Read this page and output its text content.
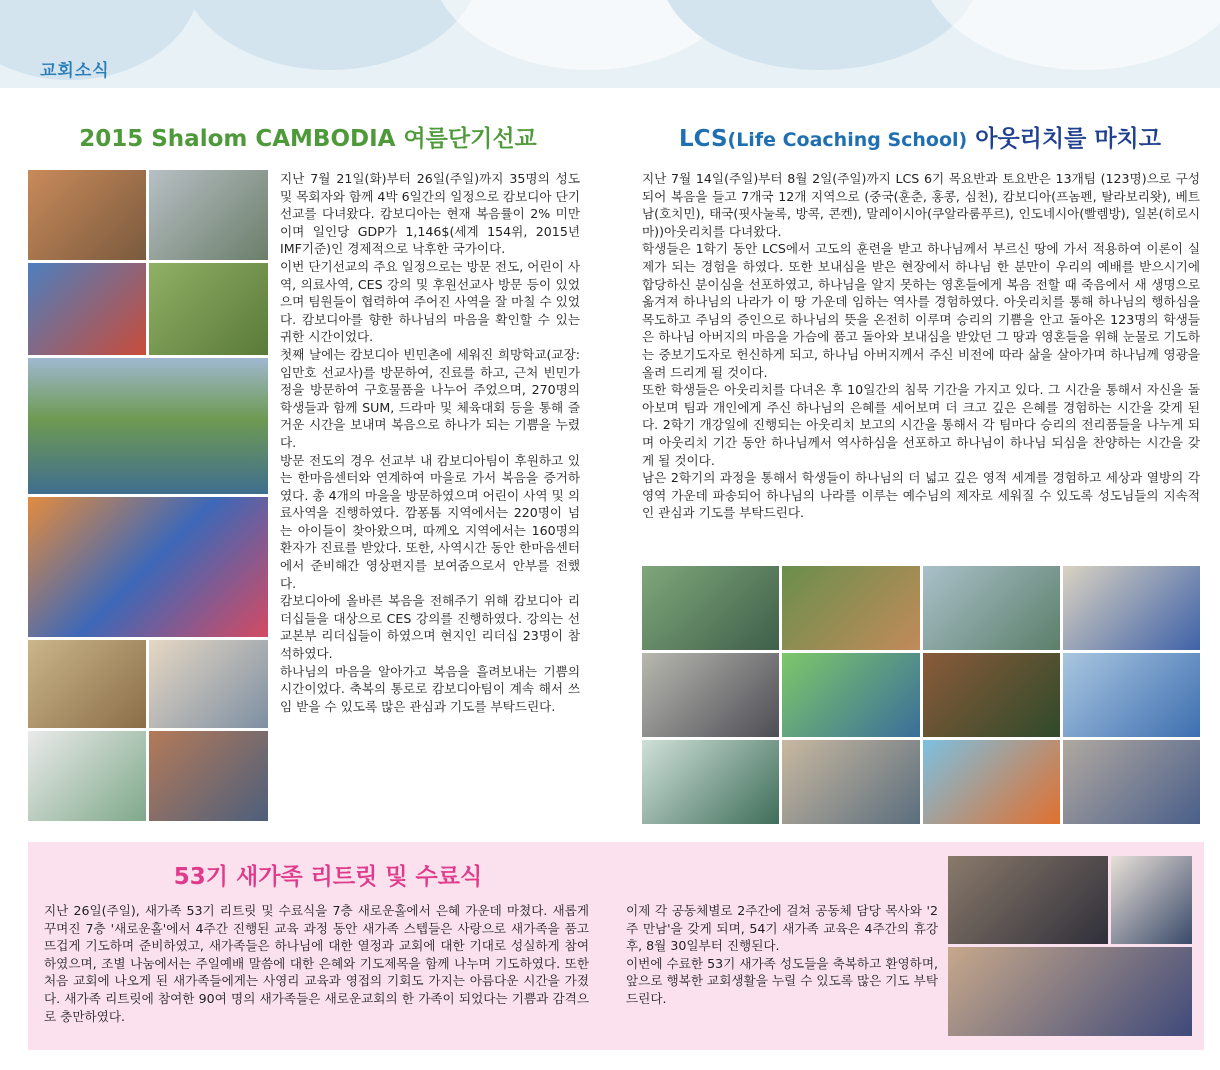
교회소식
2015 Shalom CAMBODIA 여름단기선교

지난 7월 21일(화)부터 26일(주일)까지 35명의 성도 및 목회자와 함께 4박 6일간의 일정으로 캄보디아 단기선교를 다녀왔다. 캄보디아는 현재 복음률이 2% 미만이며 일인당 GDP가 1,146$(세계 154위, 2015년 IMF기준)인 경제적으로 낙후한 국가이다.

이번 단기선교의 주요 일정으로는 방문 전도, 어린이 사역, 의료사역, CES 강의 및 후원선교사 방문 등이 있었으며 팀원들이 협력하여 주어진 사역을 잘 마칠 수 있었다. 캄보디아를 향한 하나님의 마음을 확인할 수 있는 귀한 시간이었다.

첫째 날에는 캄보디아 빈민촌에 세워진 희망학교(교장: 임만호 선교사)를 방문하여, 진료를 하고, 근처 빈민가정을 방문하여 구호물품을 나누어 주었으며, 270명의 학생들과 함께 SUM, 드라마 및 체육대회 등을 통해 즐거운 시간을 보내며 복음으로 하나가 되는 기쁨을 누렸다.

방문 전도의 경우 선교부 내 캄보디아팀이 후원하고 있는 한마음센터와 연계하여 마을로 가서 복음을 증거하였다. 총 4개의 마을을 방문하였으며 어린이 사역 및 의료사역을 진행하였다. 깜퐁톰 지역에서는 220명이 넘는 아이들이 찾아왔으며, 따께오 지역에서는 160명의 환자가 진료를 받았다. 또한, 사역시간 동안 한마음센터에서 준비해간 영상편지를 보여줌으로서 안부를 전했다.

캄보디아에 올바른 복음을 전해주기 위해 캄보디아 리더십들을 대상으로 CES 강의를 진행하였다. 강의는 선교본부 리더십들이 하였으며 현지인 리더십 23명이 참석하였다.

하나님의 마음을 알아가고 복음을 흘려보내는 기쁨의 시간이었다. 축복의 통로로 캄보디아팀이 계속 해서 쓰임 받을 수 있도록 많은 관심과 기도를 부탁드린다.

LCS(Life Coaching School) 아웃리치를 마치고

지난 7월 14일(주일)부터 8월 2일(주일)까지 LCS 6기 목요반과 토요반은 13개팀 (123명)으로 구성되어 복음을 들고 7개국 12개 지역으로 (중국(훈춘, 홍콩, 심천), 캄보디아(프놈펜, 탈라보리왓), 베트남(호치민), 태국(핏사눌록, 방콕, 콘켄), 말레이시아(쿠알라룸푸르), 인도네시아(빨렘방), 일본(히로시마))아웃리치를 다녀왔다.

학생들은 1학기 동안 LCS에서 고도의 훈련을 받고 하나님께서 부르신 땅에 가서 적용하여 이론이 실제가 되는 경험을 하였다. 또한 보내심을 받은 현장에서 하나님 한 분만이 우리의 예배를 받으시기에 합당하신 분이심을 선포하였고, 하나님을 알지 못하는 영혼들에게 복음 전할 때 죽음에서 새 생명으로 옮겨져 하나님의 나라가 이 땅 가운데 임하는 역사를 경험하였다. 아웃리치를 통해 하나님의 행하심을 목도하고 주님의 증인으로 하나님의 뜻을 온전히 이루며 승리의 기쁨을 안고 돌아온 123명의 학생들은 하나님 아버지의 마음을 가슴에 품고 돌아와 보내심을 받았던 그 땅과 영혼들을 위해 눈물로 기도하는 중보기도자로 헌신하게 되고, 하나님 아버지께서 주신 비전에 따라 삶을 살아가며 하나님께 영광을 올려 드리게 될 것이다.

또한 학생들은 아웃리치를 다녀온 후 10일간의 침묵 기간을 가지고 있다. 그 시간을 통해서 자신을 돌아보며 팀과 개인에게 주신 하나님의 은혜를 세어보며 더 크고 깊은 은혜를 경험하는 시간을 갖게 된다. 2학기 개강일에 진행되는 아웃리치 보고의 시간을 통해서 각 팀마다 승리의 전리품들을 나누게 되며 아웃리치 기간 동안 하나님께서 역사하심을 선포하고 하나님이 하나님 되심을 찬양하는 시간을 갖게 될 것이다.

남은 2학기의 과정을 통해서 학생들이 하나님의 더 넓고 깊은 영적 세계를 경험하고 세상과 열방의 각 영역 가운데 파송되어 하나님의 나라를 이루는 예수님의 제자로 세워질 수 있도록 성도님들의 지속적인 관심과 기도를 부탁드린다.

53기 새가족 리트릿 및 수료식

지난 26일(주일), 새가족 53기 리트릿 및 수료식을 7층 새로운홀에서 은혜 가운데 마쳤다. 새롭게 꾸며진 7층 '새로운홀'에서 4주간 진행된 교육 과정 동안 새가족 스텝들은 사랑으로 새가족을 품고 뜨겁게 기도하며 준비하였고, 새가족들은 하나님에 대한 열정과 교회에 대한 기대로 성실하게 참여하였으며, 조별 나눔에서는 주일예배 말씀에 대한 은혜와 기도제목을 함께 나누며 기도하였다. 또한 처음 교회에 나오게 된 새가족들에게는 사영리 교육과 영접의 기회도 가지는 아름다운 시간을 가졌다. 새가족 리트릿에 참여한 90여 명의 새가족들은 새로운교회의 한 가족이 되었다는 기쁨과 감격으로 충만하였다.

이제 각 공동체별로 2주간에 걸쳐 공동체 담당 목사와 '2주 만남'을 갖게 되며, 54기 새가족 교육은 4주간의 휴강 후, 8월 30일부터 진행된다.

이번에 수료한 53기 새가족 성도들을 축복하고 환영하며, 앞으로 행복한 교회생활을 누릴 수 있도록 많은 기도 부탁드린다.
